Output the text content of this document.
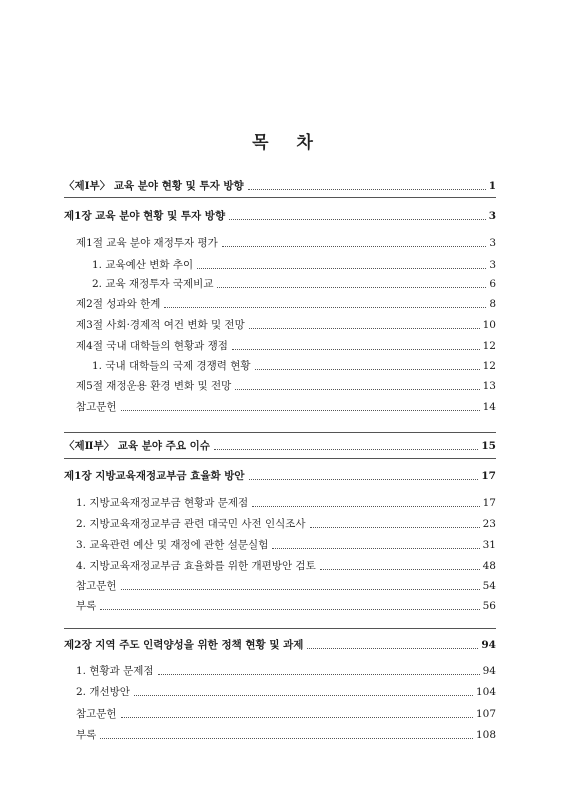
목 차
〈제Ⅰ부〉 교육 분야 현황 및 투자 방향	1
제1장 교육 분야 현황 및 투자 방향	3
제1절 교육 분야 재정투자 평가	3
1. 교육예산 변화 추이	3
2. 교육 재정투자 국제비교	6
제2절 성과와 한계	8
제3절 사회·경제적 여건 변화 및 전망	10
제4절 국내 대학들의 현황과 쟁점	12
1. 국내 대학들의 국제 경쟁력 현황	12
제5절 재정운용 환경 변화 및 전망	13
참고문헌	14
〈제Ⅱ부〉 교육 분야 주요 이슈	15
제1장 지방교육재정교부금 효율화 방안	17
1. 지방교육재정교부금 현황과 문제점	17
2. 지방교육재정교부금 관련 대국민 사전 인식조사	23
3. 교육관련 예산 및 재정에 관한 설문실험	31
4. 지방교육재정교부금 효율화를 위한 개편방안 검토	48
참고문헌	54
부록	56
제2장 지역 주도 인력양성을 위한 정책 현황 및 과제	94
1. 현황과 문제점	94
2. 개선방안	104
참고문헌	107
부록	108
